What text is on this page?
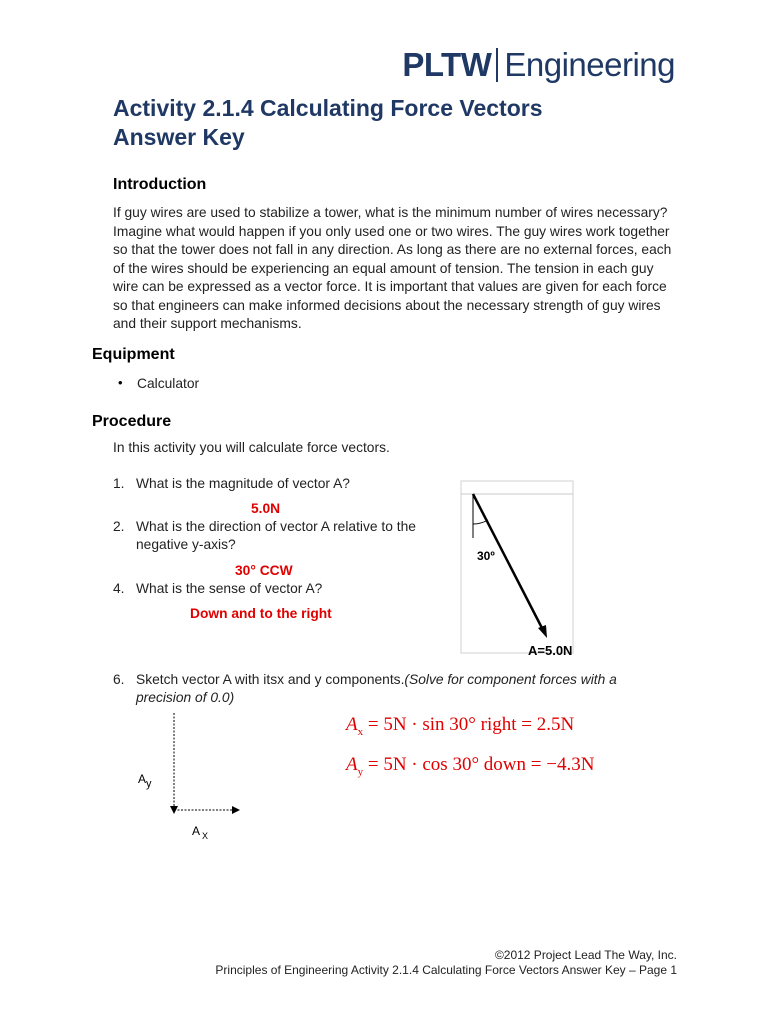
PLTW Engineering
Activity 2.1.4 Calculating Force Vectors
Answer Key
Introduction

If guy wires are used to stabilize a tower, what is the minimum number of wires necessary? Imagine what would happen if you only used one or two wires. The guy wires work together so that the tower does not fall in any direction. As long as there are no external forces, each of the wires should be experiencing an equal amount of tension. The tension in each guy wire can be expressed as a vector force. It is important that values are given for each force so that engineers can make informed decisions about the necessary strength of guy wires and their support mechanisms.

Equipment
• Calculator

Procedure

In this activity you will calculate force vectors.

1. What is the magnitude of vector A?

5.0N

2. What is the direction of vector A relative to the
negative y-axis?

30° CCW

4. What is the sense of vector A?

Down and to the right

6. Sketch vector A with itsx and y components.(Solve for component forces with a
precision of 0.0)

30º
A=5.0N
Ay
A $_X$
$A_x = 5N \cdot \sin 30^\circ$ right = 2.5N
$A_y = 5N \cdot \cos 30^\circ$ down = −4.3N

©2012 Project Lead The Way, Inc.

Principles of Engineering Activity 2.1.4 Calculating Force Vectors Answer Key – Page 1
